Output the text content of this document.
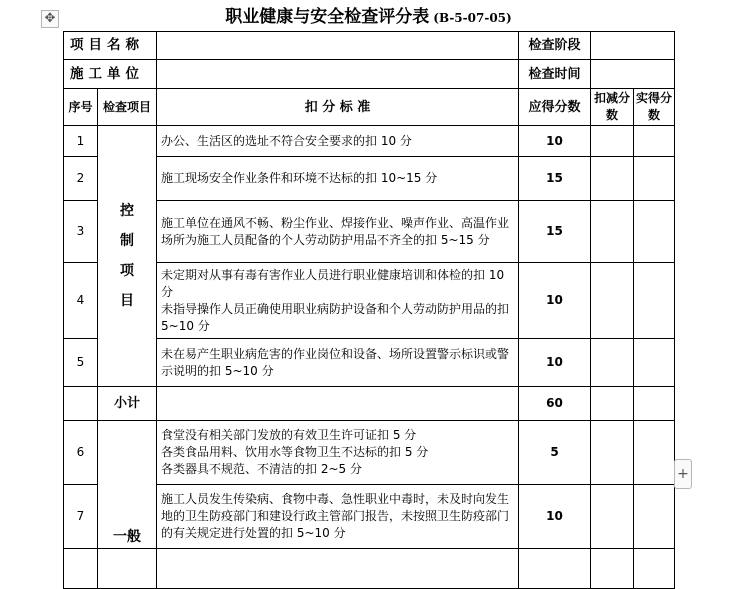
✥	职业健康与安全检查评分表 (B-5-07-05)
项目名称			检查阶段		
施工单位			检查时间		
序号	检查项目	扣 分 标 准	应得分数	扣减分数	实得分数
1	控制项目	办公、生活区的选址不符合安全要求的扣 10 分	10		
2		施工现场安全作业条件和环境不达标的扣 10~15 分	15		
3		施工单位在通风不畅、粉尘作业、焊接作业、噪声作业、高温作业场所为施工人员配备的个人劳动防护用品不齐全的扣 5~15 分	15		
4		未定期对从事有毒有害作业人员进行职业健康培训和体检的扣 10 分
未指导操作人员正确使用职业病防护设备和个人劳动防护用品的扣 5~10 分	10		
5		未在易产生职业病危害的作业岗位和设备、场所设置警示标识或警示说明的扣 5~10 分	10		
	小计		60		
6	一般	食堂没有相关部门发放的有效卫生许可证扣 5 分
各类食品用料、饮用水等食物卫生不达标的扣 5 分
各类器具不规范、不清洁的扣 2~5 分	5		
7		施工人员发生传染病、食物中毒、急性职业中毒时，未及时向发生地的卫生防疫部门和建设行政主管部门报告，未按照卫生防疫部门的有关规定进行处置的扣 5~10 分	10		

+
